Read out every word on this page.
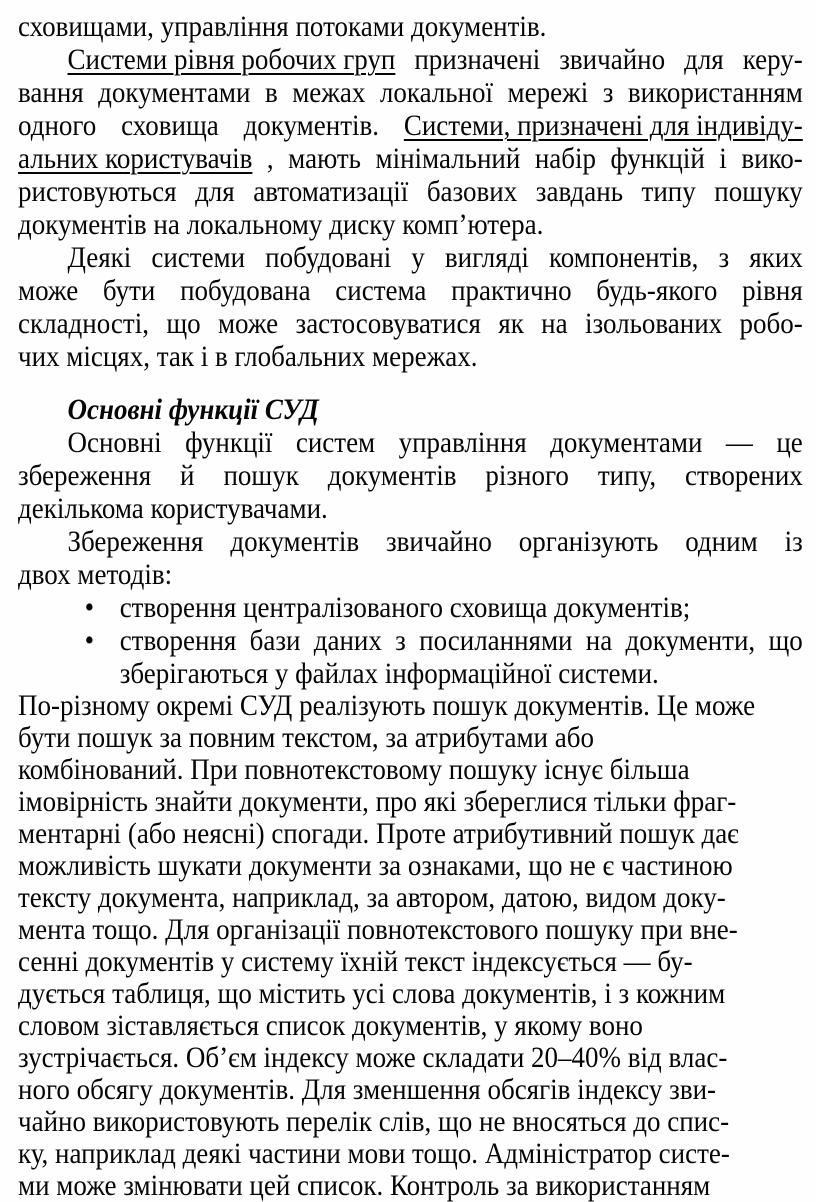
сховищами, управління потоками документів.
Системи рівня робочих груп призначені звичайно для керу-
вання документами в межах локальної мережі з використанням
одного сховища документів. Системи, призначені для індивіду-
альних користувачів , мають мінімальний набір функцій і вико-
ристовуються для автоматизації базових завдань типу пошуку
документів на локальному диску комп’ютера.
Деякі системи побудовані у вигляді компонентів, з яких
може бути побудована система практично будь-якого рівня
складності, що може застосовуватися як на ізольованих робо-
чих місцях, так і в глобальних мережах.
Основні функції СУД
Основні функції систем управління документами — це
збереження й пошук документів різного типу, створених
декількома користувачами.
Збереження документів звичайно організують одним із
двох методів:
• створення централізованого сховища документів;
• створення бази даних з посиланнями на документи, що
зберігаються у файлах інформаційної системи.
По-різному окремі СУД реалізують пошук документів. Це може
бути пошук за повним текстом, за атрибутами або
комбінований. При повнотекстовому пошуку існує більша
імовірність знайти документи, про які збереглися тільки фраг-
ментарні (або неясні) спогади. Проте атрибутивний пошук дає
можливість шукати документи за ознаками, що не є частиною
тексту документа, наприклад, за автором, датою, видом доку-
мента тощо. Для організації повнотекстового пошуку при вне-
сенні документів у систему їхній текст індексується — бу-
дується таблиця, що містить усі слова документів, і з кожним
словом зіставляється список документів, у якому воно
зустрічається. Об’єм індексу може складати 20–40% від влас-
ного обсягу документів. Для зменшення обсягів індексу зви-
чайно використовують перелік слів, що не вносяться до спис-
ку, наприклад деякі частини мови тощо. Адміністратор систе-
ми може змінювати цей список. Контроль за використанням
